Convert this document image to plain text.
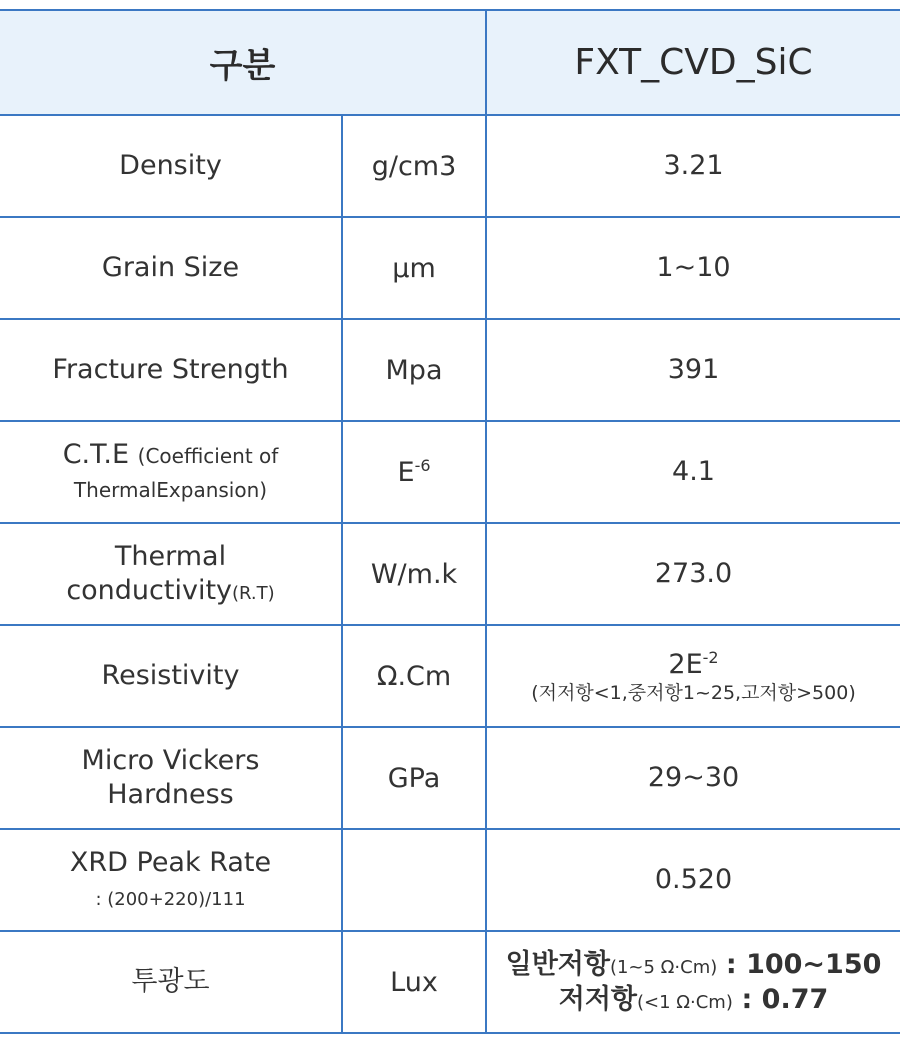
구분		FXT_CVD_SiC
Density	g/cm3	3.21
Grain Size	µm	1~10
Fracture Strength	Mpa	391
C.T.E (Coefficient of
ThermalExpansion)	$E^{-6}$	4.1
Thermal
conductivity(R.T)	W/m.k	273.0
Resistivity	Ω.Cm	$2E^{-2}$
(저저항<1,중저항1~25,고저항>500)

Micro Vickers
Hardness	GPa	29~30
XRD Peak Rate
: (200+220)/111		0.520
투광도	Lux	일반저항(1~5 Ω·Cm) : 100~150
저저항(<1 Ω·Cm) : 0.77
